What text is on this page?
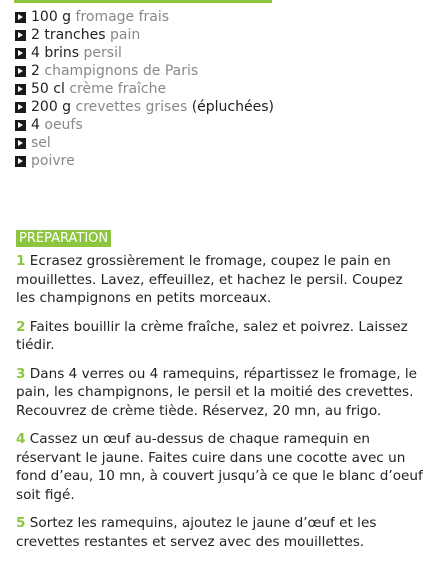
100 g
fromage frais
2 tranches
pain
4 brins
persil
2
champignons de Paris
50 cl
crème fraîche
200 g
crevettes grises
(épluchées)
4
oeufs
sel
poivre
PRÉPARATION

1 Ecrasez grossièrement le fromage, coupez le pain en mouillettes. Lavez, effeuillez, et hachez le persil. Coupez les champignons en petits morceaux.

2 Faites bouillir la crème fraîche, salez et poivrez. Laissez tiédir.

3 Dans 4 verres ou 4 ramequins, répartissez le fromage, le pain, les champignons, le persil et la moitié des crevettes. Recouvrez de crème tiède. Réservez, 20 mn, au frigo.

4 Cassez un œuf au-dessus de chaque ramequin en réservant le jaune. Faites cuire dans une cocotte avec un fond d’eau, 10 mn, à couvert jusqu’à ce que le blanc d’oeuf soit figé.

5 Sortez les ramequins, ajoutez le jaune d’œuf et les crevettes restantes et servez avec des mouillettes.
